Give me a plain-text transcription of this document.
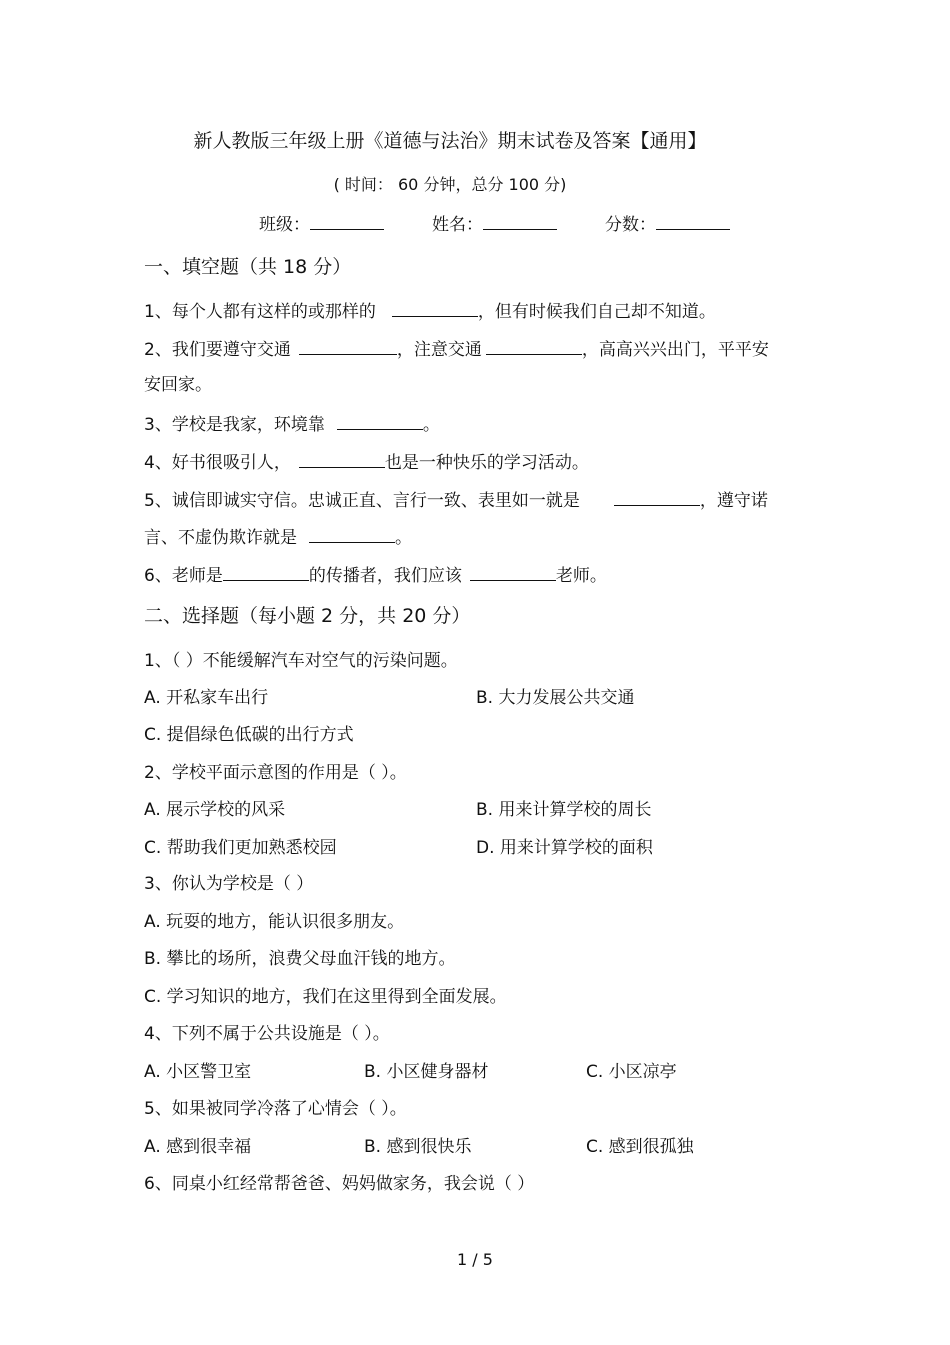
新人教版三年级上册《道德与法治》期末试卷及答案【通用】
( 时间： 60 分钟，总分 100 分)
班级：	姓名：	分数：
一、填空题（共 18 分）
1、每个人都有这样的或那样的	，但有时候我们自己却不知道。
2、我们要遵守交通	，注意交通	，高高兴兴出门，平平安
安回家。
3、学校是我家，环境靠	。
4、好书很吸引人，	也是一种快乐的学习活动。
5、诚信即诚实守信。忠诚正直、言行一致、表里如一就是	，遵守诺
言、不虚伪欺诈就是	。
6、老师是	的传播者，我们应该	老师。
二、选择题（每小题 2 分，共 20 分）
1、（ ）不能缓解汽车对空气的污染问题。
A. 开私家车出行	B. 大力发展公共交通
C. 提倡绿色低碳的出行方式
2、学校平面示意图的作用是（ ）。
A. 展示学校的风采	B. 用来计算学校的周长
C. 帮助我们更加熟悉校园	D. 用来计算学校的面积
3、你认为学校是（ ）
A. 玩耍的地方，能认识很多朋友。
B. 攀比的场所，浪费父母血汗钱的地方。
C. 学习知识的地方，我们在这里得到全面发展。
4、下列不属于公共设施是（ ）。
A. 小区警卫室	B. 小区健身器材	C. 小区凉亭
5、如果被同学冷落了心情会（ ）。
A. 感到很幸福	B. 感到很快乐	C. 感到很孤独
6、同桌小红经常帮爸爸、妈妈做家务，我会说（ ）
1 / 5
